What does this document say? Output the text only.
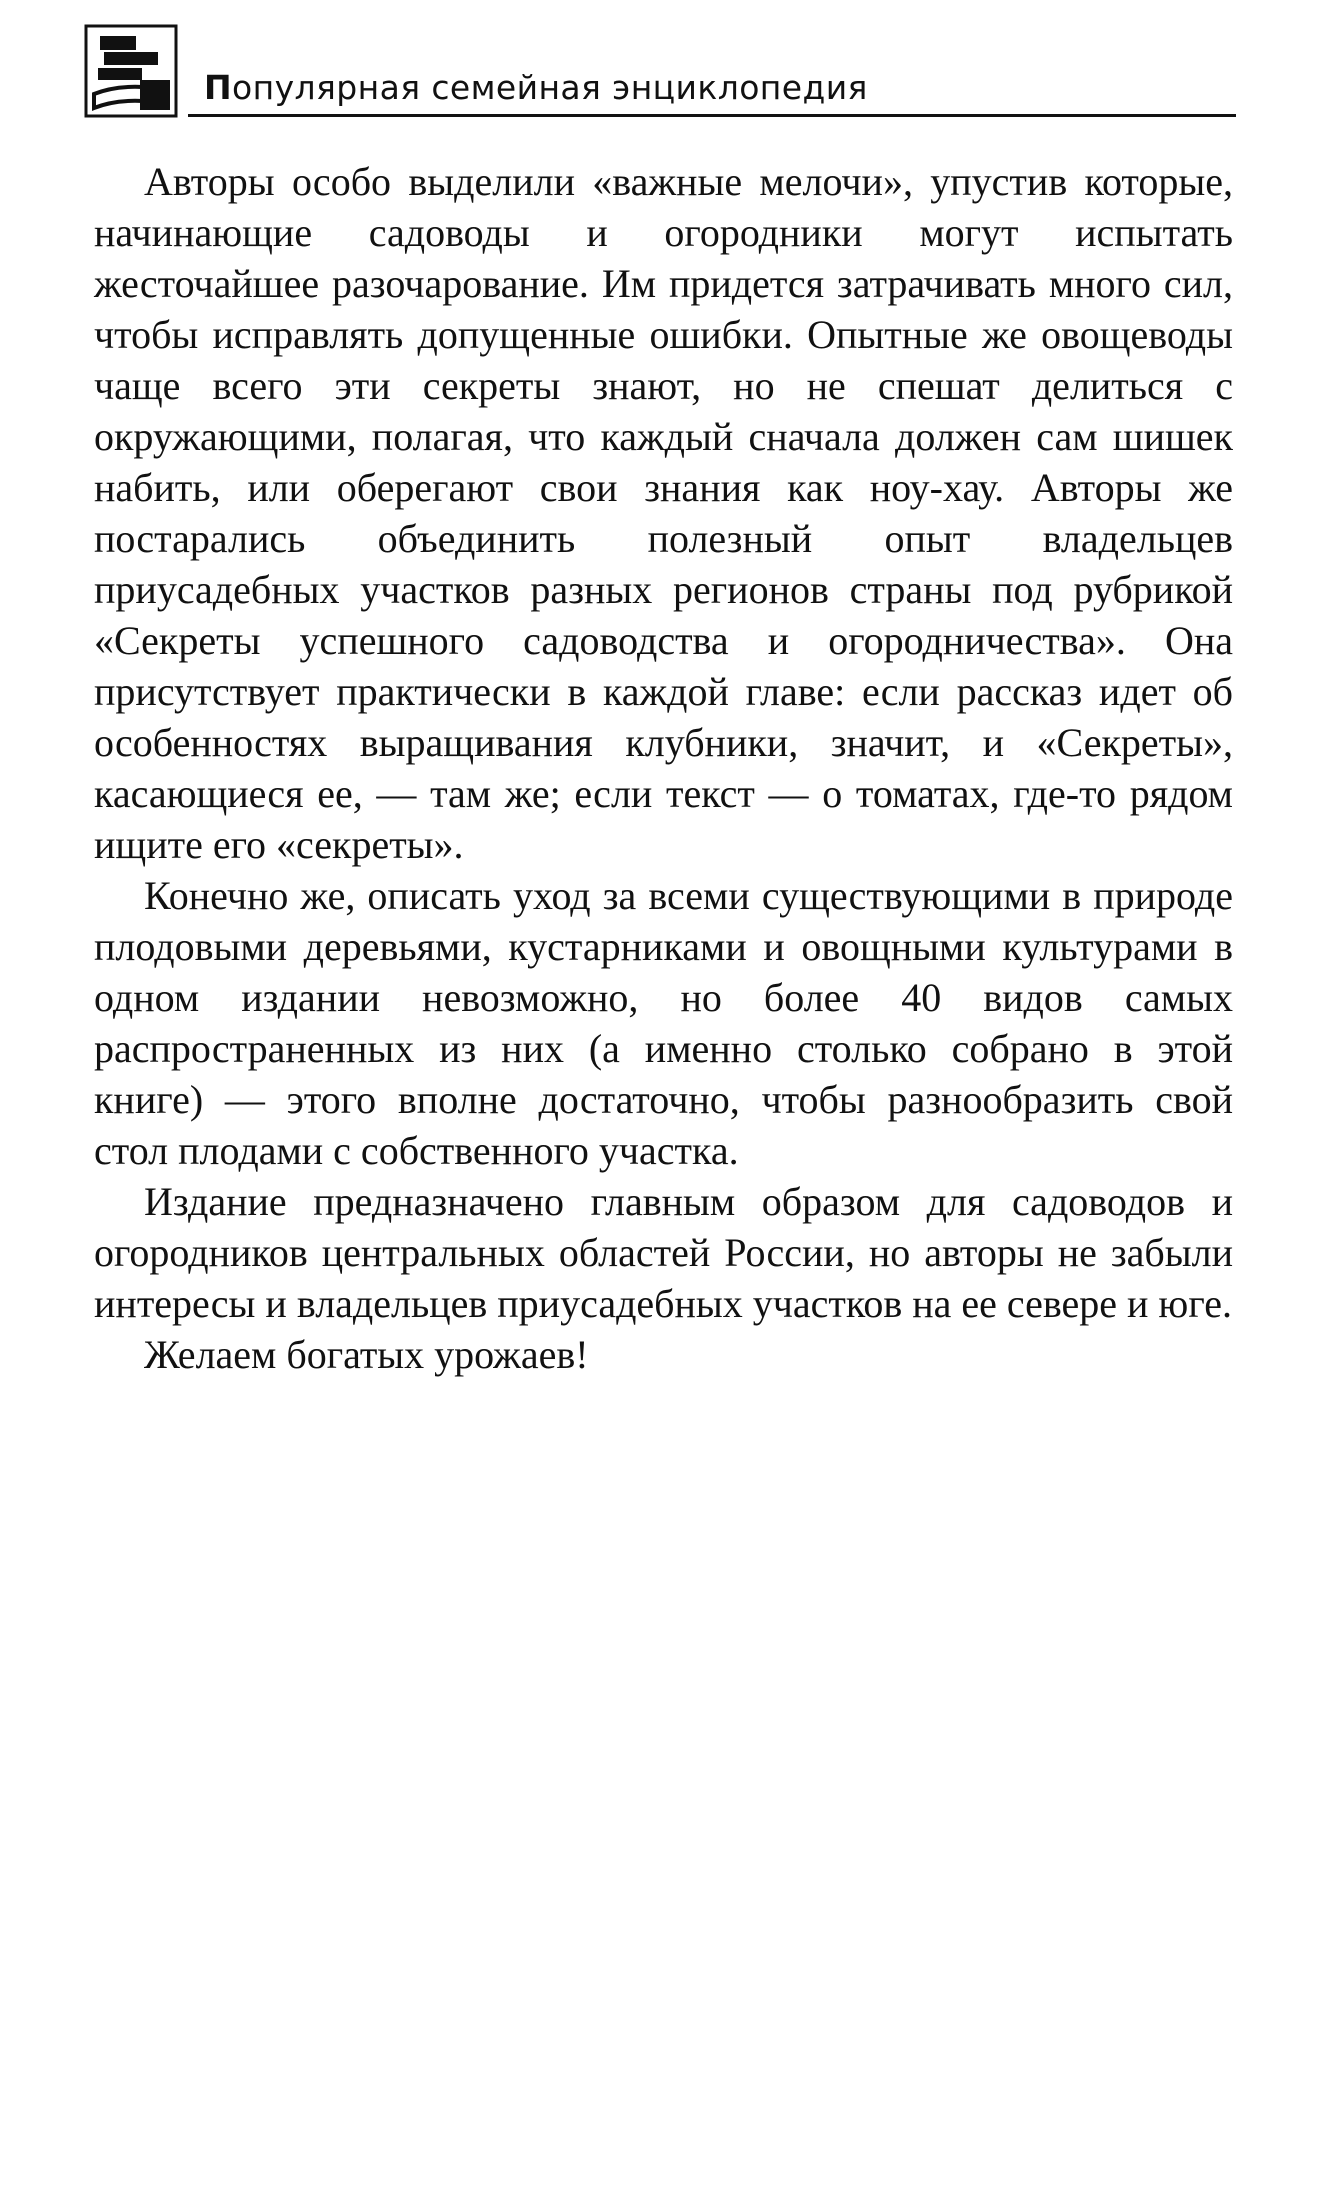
Популярная семейная энциклопедия

Авторы особо выделили «важные мелочи», упустив которые, начинающие садоводы и огородники могут испытать жесточайшее разочарование. Им придется затрачивать много сил, чтобы исправлять допущенные ошибки. Опытные же овощеводы чаще всего эти секреты знают, но не спешат делиться с окружающими, полагая, что каждый сначала должен сам шишек набить, или оберегают свои знания как ноу-хау. Авторы же постарались объединить полезный опыт владельцев приусадебных участков разных регионов страны под рубрикой «Секреты успешного садоводства и огородничества». Она присутствует практически в каждой главе: если рассказ идет об особенностях выращивания клубники, значит, и «Секреты», касающиеся ее, — там же; если текст — о томатах, где-то рядом ищите его «секреты».

Конечно же, описать уход за всеми существующими в природе плодовыми деревьями, кустарниками и овощными культурами в одном издании невозможно, но более 40 видов самых распространенных из них (а именно столько собрано в этой книге) — этого вполне достаточно, чтобы разнообразить свой стол плодами с собственного участка.

Издание предназначено главным образом для садоводов и огородников центральных областей России, но авторы не забыли интересы и владельцев приусадебных участков на ее севере и юге.

Желаем богатых урожаев!
